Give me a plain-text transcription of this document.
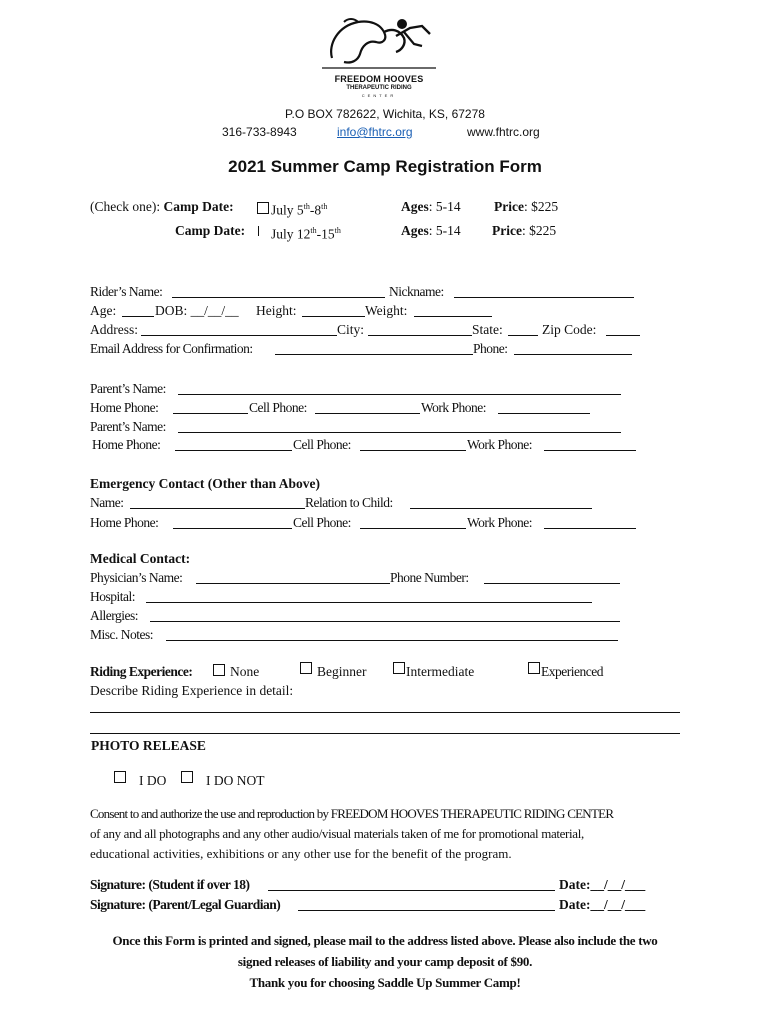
FREEDOM HOOVES
THERAPEUTIC RIDING
CENTER
P.O BOX 782622, Wichita, KS, 67278
316-733-8943	info@fhtrc.org	www.fhtrc.org
2021 Summer Camp Registration Form
(Check one): Camp Date:	July 5th-8th	Ages: 5-14 Price: $225
Camp Date: July 12th-15th	Ages: 5-14 Price: $225
Rider’s Name:	Nickname:
Age:	DOB: __/__/__ Height:	Weight:
Address:	City:	State:	Zip Code:
Email Address for Confirmation:	Phone:
Parent’s Name:
Home Phone:	Cell Phone:	Work Phone:
Parent’s Name:
Home Phone:	Cell Phone:	Work Phone:
Emergency Contact (Other than Above)
Name:	Relation to Child:
Home Phone:	Cell Phone:	Work Phone:
Medical Contact:
Physician’s Name:	Phone Number:
Hospital:
Allergies:
Misc. Notes:
Riding Experience:	None	Beginner	Intermediate	Experienced
Describe Riding Experience in detail:
PHOTO RELEASE
I DO	I DO NOT
Consent to and authorize the use and reproduction by FREEDOM HOOVES THERAPEUTIC RIDING CENTER
of any and all photographs and any other audio/visual materials taken of me for promotional material,
educational activities, exhibitions or any other use for the benefit of the program.
Signature: (Student if over 18)	Date:__/__/___
Signature: (Parent/Legal Guardian)	Date:__/__/___
Once this Form is printed and signed, please mail to the address listed above. Please also include the two
signed releases of liability and your camp deposit of $90.
Thank you for choosing Saddle Up Summer Camp!
